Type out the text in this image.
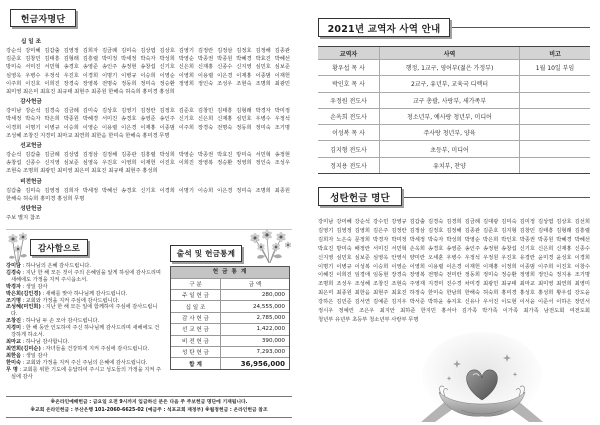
헌금자명단
십 일 조
강순석 강미혜 김갑출 김영정 김희자 김금례 김미숙 김상엽 김상호 김영기 김정란 김정삼 김정호 김정해 김종관
김준호 김창민 김태흥 김형래 김흥렬 박미정 박세정 박숙자 박성희 박영순 박종권 박종원 박혜경 박효진 박혜선
방미숙 서미진 서민혁 송경호 송영준 송인주 송정현 송창섭 신기호 신은희 신재홍 신종수 신지영 심민호 심보준
심영옥 우병수 우정석 우진호 이경희 이명기 이병규 이승희 이영순 이영희 이용렬 이은경 이재홍 이종범 이재헌
이주희 이진호 이희진 장경숙 장영복 전명숙 정동희 정미숙 정승환 정영희 정인숙 조성우 조현숙 조명희 최광민
최미영 최은미 최효진 최규태 최현주 최종원 한해숙 허숙희 홍미경 홍성희
감사헌금
강미남 강순석 김경숙 김금례 김미숙 김상호 김영기 김정란 김정호 김준호 김창민 김태흥 김형래 박경자 박미정
박세정 박숙자 박은희 박종원 박혜경 서미진 송경호 송영준 송인주 신기호 신은희 신재홍 심민호 우병수 우정석
이경희 이명기 이병규 이승희 이영순 이용렬 이은경 이재홍 이종범 이주희 장경숙 전명숙 정동희 정미숙 조기명
조성혜 조창진 지경미 최마교 최연희 최한음 한미숙 한해숙 홍미경 무명
선교헌금
강순석 김갑출 김금례 김상엽 김정삼 김정해 김종관 김흥렬 박성희 박영순 박종권 박효진 방미숙 서민혁 송정현
송창섭 신종수 신지영 심보준 심영옥 우진호 이영희 이재헌 이진호 이희진 장영복 정승환 정영희 정인숙 조성우
조현숙 조명희 최광민 최미영 최은미 최효진 최규태 최현주 홍성희
비전헌금
김갑출 김미숙 김영정 김희자 박세정 박혜선 송경호 신기호 이경희 이명기 이승희 이은경 정미숙 조명희 최종원
한해숙 허숙희 홍미경 홍성희 무명
성탄헌금
주보 별지 참조
감사함으로
강미남 : 하나님의 은혜 감사드립니다.
김경숙 : 지난 한 해 모든 것이 주의 은혜임을 알게 하심에 감사드리며 새해에도 가정을 지켜 주시옵소서.
박경자 : 생일 감사
박은희(김인경) : 새해를 맞아 하나님께 감사드립니다.
조기명 : 교회와 가정을 지켜 주심에 감사드립니다.
조성혜(미인희) : 지난 한 해 모든 일에 함께하여 주심에 감사드립니다.
조창진 : 하나님 두 손 모아 감사드립니다.
지경미 : 한 해 동안 인도하여 주신 하나님께 감사드리며 새해에도 건강하게 하소서.
최마교 : 하나님 감사합니다.
최연희(김미순) : 자녀들을 건강하게 지켜 주심에 감사드립니다.
최한음 : 생일 감사
한미숙 : 교회와 가정을 지켜 주신 주님의 은혜에 감사드립니다.
무 명 : 교회를 위한 기도에 응답하여 주시고 성도들의 가정을 지켜 주심에 감사
출석 및 헌금통계
헌 금 통 계
구 분	금 액
주 일 헌 금	280,000
십 일 조	24,555,000
감 사 헌 금	2,785,000
선 교 헌 금	1,422,000
비 전 헌 금	390,000
성 탄 헌 금	7,293,000
합 계	36,956,000
※온라인예배헌금 : 금요일 오전 9시까지 입금하신 분은 다음 주 주보헌금 명단에 기재됩니다.
※교회 온라인헌금 : 부산은행 101-2060-6625-02 (예금주 : 석포교회 재정부) ※월정헌금 : 온라인헌금 참조
2021년 교역자 사역 안내
교역자	사역	비고
황우섭 목 사	행정, 1교구, 영어부(젊은 가정부)	1월 10일 부임
박인호 목 사	2교구, 유년부, 교육국 디렉터
우정원 전도사	교구 총괄, 사랑부, 새가족부
손옥희 전도사	청소년부, 예사랑 청년부, 미디어
이성복 목 사	주사랑 청년부, 양육
김지형 전도사	초등부, 미디어
정지용 전도사	유치부, 찬양
성탄헌금 명단
강미남 강미혜 강순석 강수민 강영규 김갑출 김경숙 김경희 김금례 김대광 김미숙 김미정 김상엽 김상호 김선희
김영기 김영정 김영희 김은주 김정란 김정삼 김정호 김정해 김종관 김준호 김지형 김창민 김태흥 김형래 김흥렬
김희자 노은숙 문정희 박경자 박미정 박세정 박숙자 박성희 박영순 박은희 박인호 박종권 박종원 박혜경 박혜선
박효진 방미숙 배정란 서미진 서민혁 손옥희 송경호 송영준 송인주 송정현 송창섭 신기호 신은희 신재홍 신종수
신지영 심민호 심보준 심영옥 안영식 양미란 오세훈 우병수 우정석 우정원 우진호 유경란 윤미경 윤성호 이경희
이명기 이병규 이성복 이승희 이영순 이영희 이용렬 이은경 이재헌 이재홍 이정희 이종범 이주희 이진호 이창수
이혜진 이희진 임경애 임동현 장경숙 장영복 전명숙 전미란 정동희 정미숙 정승환 정영희 정인숙 정지용 조기명
조명희 조성우 조성혜 조창진 조현숙 주영재 지경미 진수경 차미경 최광민 최규태 최마교 최미영 최연희 최영미
최은미 최종원 최한음 최현주 최효진 하정숙 한미숙 한남희 한해숙 허숙희 홍미경 홍성호 홍성희 황우섭 강도윤
강하은 김민준 김서연 김예준 김지우 박서준 박하윤 송지호 신유나 우서진 이도현 이서윤 이준서 이하은 장민서
정시우 정예린 조은우 최지안 최하준 한지민 홍서아 김가족 박가족 이가족 최가족 남전도회 여전도회
청년부 유년부 초등부 청소년부 사랑부 무명
